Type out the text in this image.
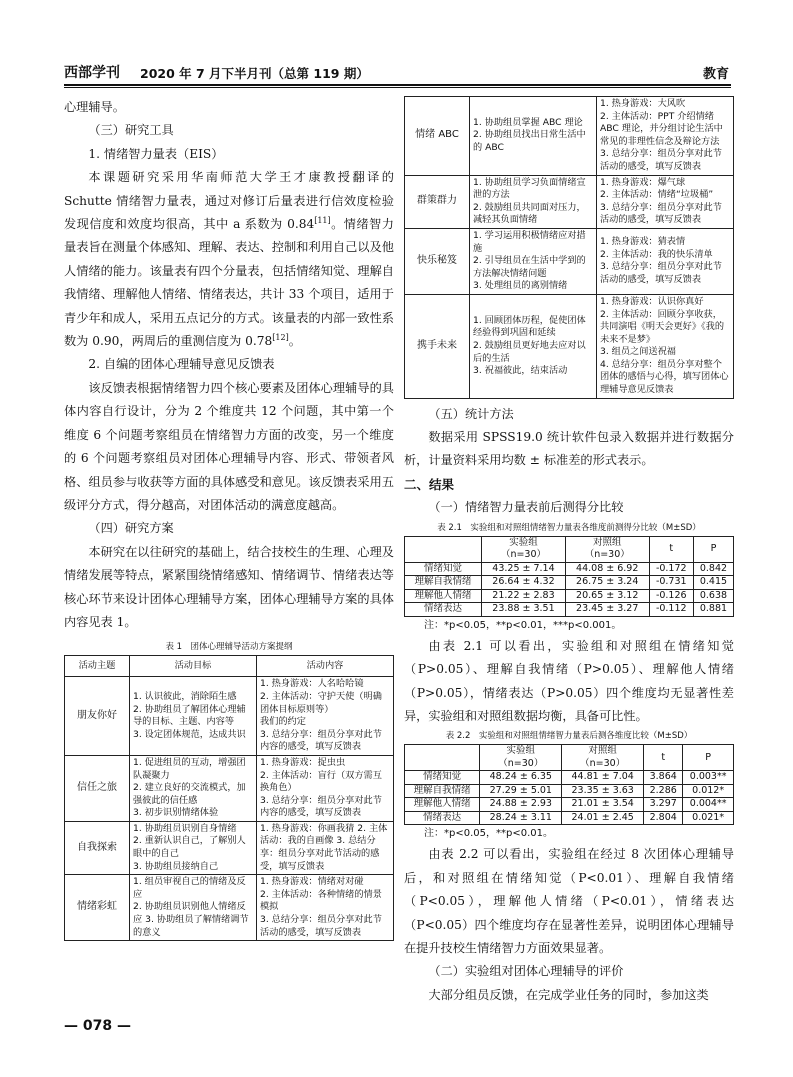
西部学刊 2020 年 7 月下半月刊（总第 119 期）	教育

心理辅导。

（三）研究工具

1. 情绪智力量表（EIS）

本课题研究采用华南师范大学王才康教授翻译的 Schutte 情绪智力量表，通过对修订后量表进行信效度检验发现信度和效度均很高，其中 a 系数为 0.84[11]。情绪智力量表旨在测量个体感知、理解、表达、控制和利用自己以及他人情绪的能力。该量表有四个分量表，包括情绪知觉、理解自我情绪、理解他人情绪、情绪表达，共计 33 个项目，适用于青少年和成人，采用五点记分的方式。该量表的内部一致性系数为 0.90，两周后的重测信度为 0.78[12]。

2. 自编的团体心理辅导意见反馈表

该反馈表根据情绪智力四个核心要素及团体心理辅导的具体内容自行设计，分为 2 个维度共 12 个问题，其中第一个维度 6 个问题考察组员在情绪智力方面的改变，另一个维度的 6 个问题考察组员对团体心理辅导内容、形式、带领者风格、组员参与收获等方面的具体感受和意见。该反馈表采用五级评分方式，得分越高，对团体活动的满意度越高。

（四）研究方案

本研究在以往研究的基础上，结合技校生的生理、心理及情绪发展等特点，紧紧围绕情绪感知、情绪调节、情绪表达等核心环节来设计团体心理辅导方案，团体心理辅导方案的具体内容见表 1。

表 1　团体心理辅导活动方案提纲
活动主题	活动目标	活动内容
朋友你好	1. 认识彼此，消除陌生感
2. 协助组员了解团体心理辅导的目标、主题、内容等
3. 设定团体规范，达成共识	1. 热身游戏：人名哈哈镜
2. 主体活动：守护天使（明确团体目标原则等）
我们的约定
3. 总结分享：组员分享对此节内容的感受，填写反馈表
信任之旅	1. 促进组员的互动，增强团队凝聚力
2. 建立良好的交流模式，加强彼此的信任感
3. 初步识别情绪体验	1. 热身游戏：捉虫虫
2. 主体活动：盲行（双方需互换角色）
3. 总结分享：组员分享对此节内容的感受，填写反馈表
自我探索	1. 协助组员识别自身情绪
2. 重新认识自己，了解别人眼中的自己
3. 协助组员接纳自己	1. 热身游戏：你画我猜 2. 主体活动：我的自画像 3. 总结分享：组员分享对此节活动的感受，填写反馈表
情绪彩虹	1. 组员审视自己的情绪及反应
2. 协助组员识别他人情绪反应 3. 协助组员了解情绪调节的意义	1. 热身游戏：情绪对对碰
2. 主体活动：各种情绪的情景模拟
3. 总结分享：组员分享对此节活动的感受，填写反馈表
情绪 ABC	1. 协助组员掌握 ABC 理论
2. 协助组员找出日常生活中的 ABC	1. 热身游戏：大风吹
2. 主体活动：PPT 介绍情绪 ABC 理论，并分组讨论生活中常见的非理性信念及辩论方法
3. 总结分享：组员分享对此节活动的感受，填写反馈表
群策群力	1. 协助组员学习负面情绪宣泄的方法
2. 鼓励组员共同面对压力，减轻其负面情绪	1. 热身游戏：爆气球
2. 主体活动：情绪“垃圾桶”
3. 总结分享：组员分享对此节活动的感受，填写反馈表
快乐秘笈	1. 学习运用积极情绪应对措施
2. 引导组员在生活中学到的方法解决情绪问题
3. 处理组员的离别情绪	1. 热身游戏：猜表情
2. 主体活动：我的快乐清单
3. 总结分享：组员分享对此节活动的感受，填写反馈表
携手未来	1. 回顾团体历程，促使团体经验得到巩固和延续
2. 鼓励组员更好地去应对以后的生活
3. 祝福彼此，结束活动	1. 热身游戏：认识你真好
2. 主体活动：回顾分享收获，共同演唱《明天会更好》《我的未来不是梦》
3. 组员之间送祝福
4. 总结分享：组员分享对整个团体的感悟与心得，填写团体心理辅导意见反馈表

（五）统计方法

数据采用 SPSS19.0 统计软件包录入数据并进行数据分析，计量资料采用均数 ± 标准差的形式表示。

二、结果

（一）情绪智力量表前后测得分比较

表 2.1　实验组和对照组情绪智力量表各维度前测得分比较（M±SD）
	实验组
（n=30）	对照组
（n=30）	t	P
情绪知觉	43.25 ± 7.14	44.08 ± 6.92	-0.172	0.842
理解自我情绪	26.64 ± 4.32	26.75 ± 3.24	-0.731	0.415
理解他人情绪	21.22 ± 2.83	20.65 ± 3.12	-0.126	0.638
情绪表达	23.88 ± 3.51	23.45 ± 3.27	-0.112	0.881
注：*p<0.05，**p<0.01，***p<0.001。

由表 2.1 可以看出，实验组和对照组在情绪知觉（P>0.05）、理解自我情绪（P>0.05）、理解他人情绪（P>0.05），情绪表达（P>0.05）四个维度均无显著性差异，实验组和对照组数据均衡，具备可比性。

表 2.2　实验组和对照组情绪智力量表后测各维度比较（M±SD）
	实验组
（n=30）	对照组
（n=30）	t	P
情绪知觉	48.24 ± 6.35	44.81 ± 7.04	3.864	0.003**
理解自我情绪	27.29 ± 5.01	23.35 ± 3.63	2.286	0.012*
理解他人情绪	24.88 ± 2.93	21.01 ± 3.54	3.297	0.004**
情绪表达	28.24 ± 3.11	24.01 ± 2.45	2.804	0.021*
注：*p<0.05，**p<0.01。

由表 2.2 可以看出，实验组在经过 8 次团体心理辅导后，和对照组在情绪知觉（P<0.01）、理解自我情绪（P<0.05），理解他人情绪（P<0.01），情绪表达（P<0.05）四个维度均存在显著性差异，说明团体心理辅导在提升技校生情绪智力方面效果显著。

（二）实验组对团体心理辅导的评价

大部分组员反馈，在完成学业任务的同时，参加这类

— 078 —
